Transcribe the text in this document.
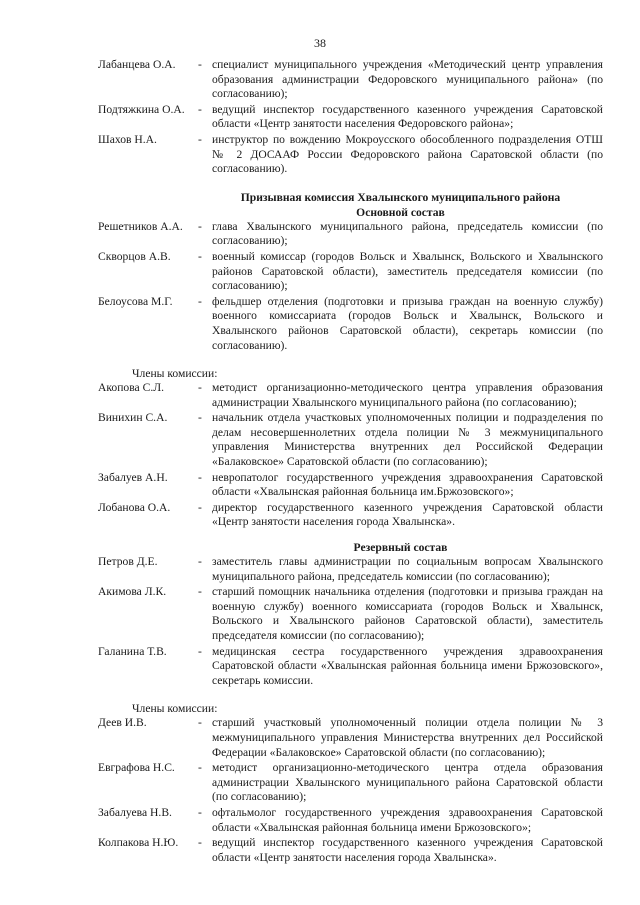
38
Лабанцева О.А.	- специалист муниципального учреждения «Методический центр управления образования администрации Федоровского муниципального района» (по согласованию);
Подтяжкина О.А.	- ведущий инспектор государственного казенного учреждения Саратовской области «Центр занятости населения Федоровского района»;
Шахов Н.А.	- инструктор по вождению Мокроусского обособленного подразделения ОТШ № 2 ДОСААФ России Федоровского района Саратовской области (по согласованию).
Призывная комиссия Хвалынского муниципального района
Основной состав
Решетников А.А.	- глава Хвалынского муниципального района, председатель комиссии (по согласованию);
Скворцов А.В.	- военный комиссар (городов Вольск и Хвалынск, Вольского и Хвалынского районов Саратовской области), заместитель председателя комиссии (по согласованию);
Белоусова М.Г.	- фельдшер отделения (подготовки и призыва граждан на военную службу) военного комиссариата (городов Вольск и Хвалынск, Вольского и Хвалынского районов Саратовской области), секретарь комиссии (по согласованию).
Члены комиссии:
Акопова С.Л.	- методист организационно-методического центра управления образования администрации Хвалынского муниципального района (по согласованию);
Винихин С.А.	- начальник отдела участковых уполномоченных полиции и подразделения по делам несовершеннолетних отдела полиции № 3 межмуниципального управления Министерства внутренних дел Российской Федерации «Балаковское» Саратовской области (по согласованию);
Забалуев А.Н.	- невропатолог государственного учреждения здравоохранения Саратовской области «Хвалынская районная больница им.Бржозовского»;
Лобанова О.А.	- директор государственного казенного учреждения Саратовской области «Центр занятости населения города Хвалынска».
Резервный состав
Петров Д.Е.	- заместитель главы администрации по социальным вопросам Хвалынского муниципального района, председатель комиссии (по согласованию);
Акимова Л.К.	- старший помощник начальника отделения (подготовки и призыва граждан на военную службу) военного комиссариата (городов Вольск и Хвалынск, Вольского и Хвалынского районов Саратовской области), заместитель председателя комиссии (по согласованию);
Галанина Т.В.	- медицинская сестра государственного учреждения здравоохранения Саратовской области «Хвалынская районная больница имени Бржозовского», секретарь комиссии.
Члены комиссии:
Деев И.В.	- старший участковый уполномоченный полиции отдела полиции № 3 межмуниципального управления Министерства внутренних дел Российской Федерации «Балаковское» Саратовской области (по согласованию);
Евграфова Н.С.	- методист организационно-методического центра отдела образования администрации Хвалынского муниципального района Саратовской области (по согласованию);
Забалуева Н.В.	- офтальмолог государственного учреждения здравоохранения Саратовской области «Хвалынская районная больница имени Бржозовского»;
Колпакова Н.Ю.	- ведущий инспектор государственного казенного учреждения Саратовской области «Центр занятости населения города Хвалынска».
